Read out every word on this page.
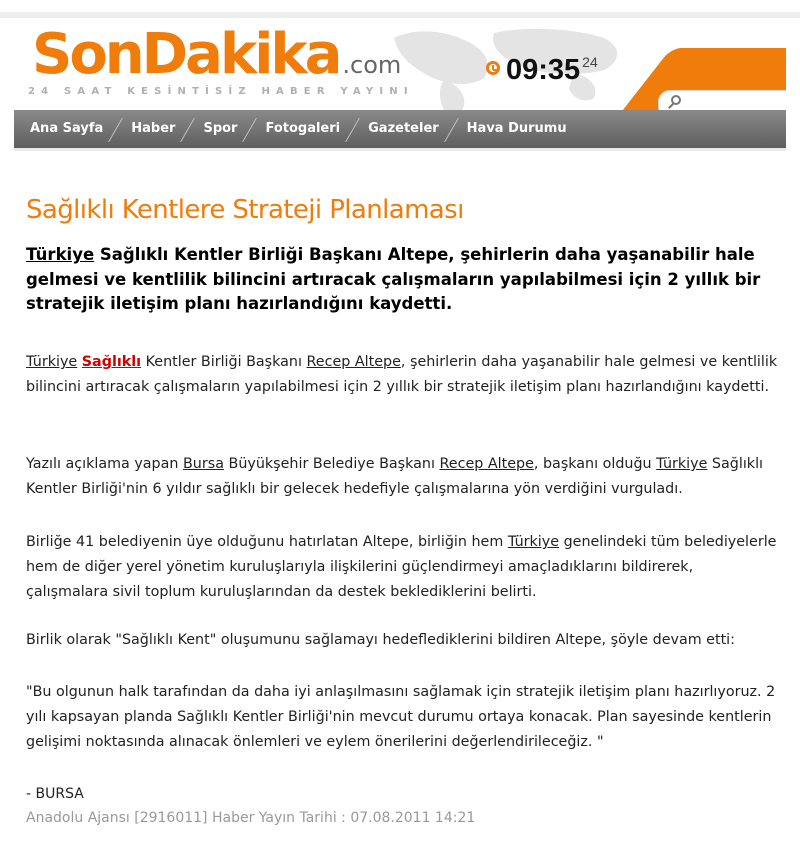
SonDakika .com
24 SAAT KESİNTİSİZ HABER YAYINI
09:35 24
Ana Sayfa	Haber	Spor	Fotogaleri	Gazeteler	Hava Durumu
Sağlıklı Kentlere Strateji Planlaması

Türkiye Sağlıklı Kentler Birliği Başkanı Altepe, şehirlerin daha yaşanabilir hale gelmesi ve kentlilik bilincini artıracak çalışmaların yapılabilmesi için 2 yıllık bir stratejik iletişim planı hazırlandığını kaydetti.

Türkiye Sağlıklı Kentler Birliği Başkanı Recep Altepe, şehirlerin daha yaşanabilir hale gelmesi ve kentlilik bilincini artıracak çalışmaların yapılabilmesi için 2 yıllık bir stratejik iletişim planı hazırlandığını kaydetti.

Yazılı açıklama yapan Bursa Büyükşehir Belediye Başkanı Recep Altepe, başkanı olduğu Türkiye Sağlıklı Kentler Birliği'nin 6 yıldır sağlıklı bir gelecek hedefiyle çalışmalarına yön verdiğini vurguladı.

Birliğe 41 belediyenin üye olduğunu hatırlatan Altepe, birliğin hem Türkiye genelindeki tüm belediyelerle hem de diğer yerel yönetim kuruluşlarıyla ilişkilerini güçlendirmeyi amaçladıklarını bildirerek, çalışmalara sivil toplum kuruluşlarından da destek beklediklerini belirti.

Birlik olarak "Sağlıklı Kent" oluşumunu sağlamayı hedeflediklerini bildiren Altepe, şöyle devam etti:

"Bu olgunun halk tarafından da daha iyi anlaşılmasını sağlamak için stratejik iletişim planı hazırlıyoruz. 2 yılı kapsayan planda Sağlıklı Kentler Birliği'nin mevcut durumu ortaya konacak. Plan sayesinde kentlerin gelişimi noktasında alınacak önlemleri ve eylem önerilerini değerlendirileceğiz. "

- BURSA
Anadolu Ajansı [2916011] Haber Yayın Tarihi : 07.08.2011 14:21
